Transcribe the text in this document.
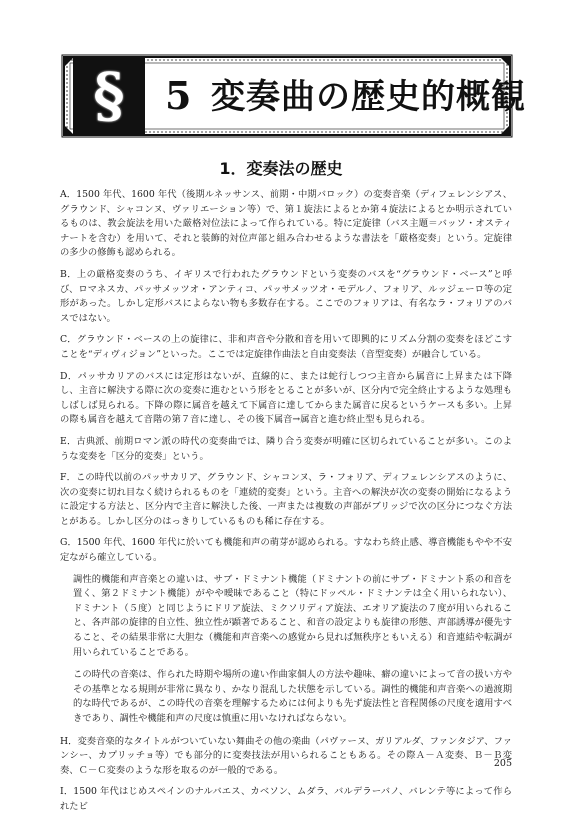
§ 5 変奏曲の歴史的概観
1．変奏法の歴史

A．1500 年代、1600 年代（後期ルネッサンス、前期・中期バロック）の変奏音楽（ディフェレンシアス、グラウンド、シャコンヌ、ヴァリエーション等）で、第１旋法によるとか第４旋法によるとか明示されているものは、教会旋法を用いた厳格対位法によって作られている。特に定旋律（バス主題＝バッソ・オスティナートを含む）を用いて、それと装飾的対位声部と組み合わせるような書法を「厳格変奏」という。定旋律の多少の修飾も認められる。

B．上の厳格変奏のうち、イギリスで行われたグラウンドという変奏のバスを“グラウンド・ベース”と呼び、ロマネスカ、パッサメッツオ・アンティコ、パッサメッツオ・モデルノ、フォリア、ルッジェーロ等の定形があった。しかし定形バスによらない物も多数存在する。ここでのフォリアは、有名なラ・フォリアのバスではない。

C．グラウンド・ベースの上の旋律に、非和声音や分散和音を用いて即興的にリズム分割の変奏をほどこすことを“ディヴィジョン”といった。ここでは定旋律作曲法と自由変奏法（音型変奏）が融合している。

D．パッサカリアのバスには定形はないが、直線的に、または蛇行しつつ主音から属音に上昇または下降し、主音に解決する際に次の変奏に進むという形をとることが多いが、区分内で完全終止するような処理もしばしば見られる。下降の際に属音を越えて下属音に達してからまた属音に戻るというケースも多い。上昇の際も属音を越えて音階の第７音に達し、その後下属音→属音と進む終止型も見られる。

E．古典派、前期ロマン派の時代の変奏曲では、隣り合う変奏が明確に区切られていることが多い。このような変奏を「区分的変奏」という。

F．この時代以前のパッサカリア、グラウンド、シャコンヌ、ラ・フォリア、ディフェレンシアスのように、次の変奏に切れ目なく続けられるものを「連続的変奏」という。主音への解決が次の変奏の開始になるように設定する方法と、区分内で主音に解決した後、一声または複数の声部がブリッジで次の区分につなぐ方法とがある。しかし区分のはっきりしているものも稀に存在する。

G．1500 年代、1600 年代に於いても機能和声の萌芽が認められる。すなわち終止感、導音機能もやや不安定ながら確立している。

調性的機能和声音楽との違いは、サブ・ドミナント機能（ドミナントの前にサブ・ドミナント系の和音を置く、第２ドミナント機能）がやや曖昧であること（特にドッペル・ドミナンテは全く用いられない）、ドミナント（５度）と同じようにドリア旋法、ミクソリディア旋法、エオリア旋法の７度が用いられること、各声部の旋律的自立性、独立性が顕著であること、和音の設定よりも旋律の形態、声部誘導が優先すること、その結果非常に大胆な（機能和声音楽への感覚から見れば無秩序ともいえる）和音連結や転調が用いられていることである。

この時代の音楽は、作られた時期や場所の違い作曲家個人の方法や趣味、癖の違いによって音の扱い方やその基準となる規則が非常に異なり、かなり混乱した状態を示している。調性的機能和声音楽への過渡期的な時代であるが、この時代の音楽を理解するためには何よりも先ず旋法性と音程関係の尺度を適用すべきであり、調性や機能和声の尺度は慎重に用いなければならない。

H．変奏音楽的なタイトルがついていない舞曲その他の楽曲（パヴァーヌ、ガリアルダ、ファンタジア、ファンシー、カプリッチョ等）でも部分的に変奏技法が用いられることもある。その際Ａ－Ａ変奏、Ｂ－Ｂ変奏、Ｃ－Ｃ変奏のような形を取るのが一般的である。

I．1500 年代はじめスペインのナルバエス、カベソン、ムダラ、バルデラーバノ、バレンテ等によって作られたビ

205
